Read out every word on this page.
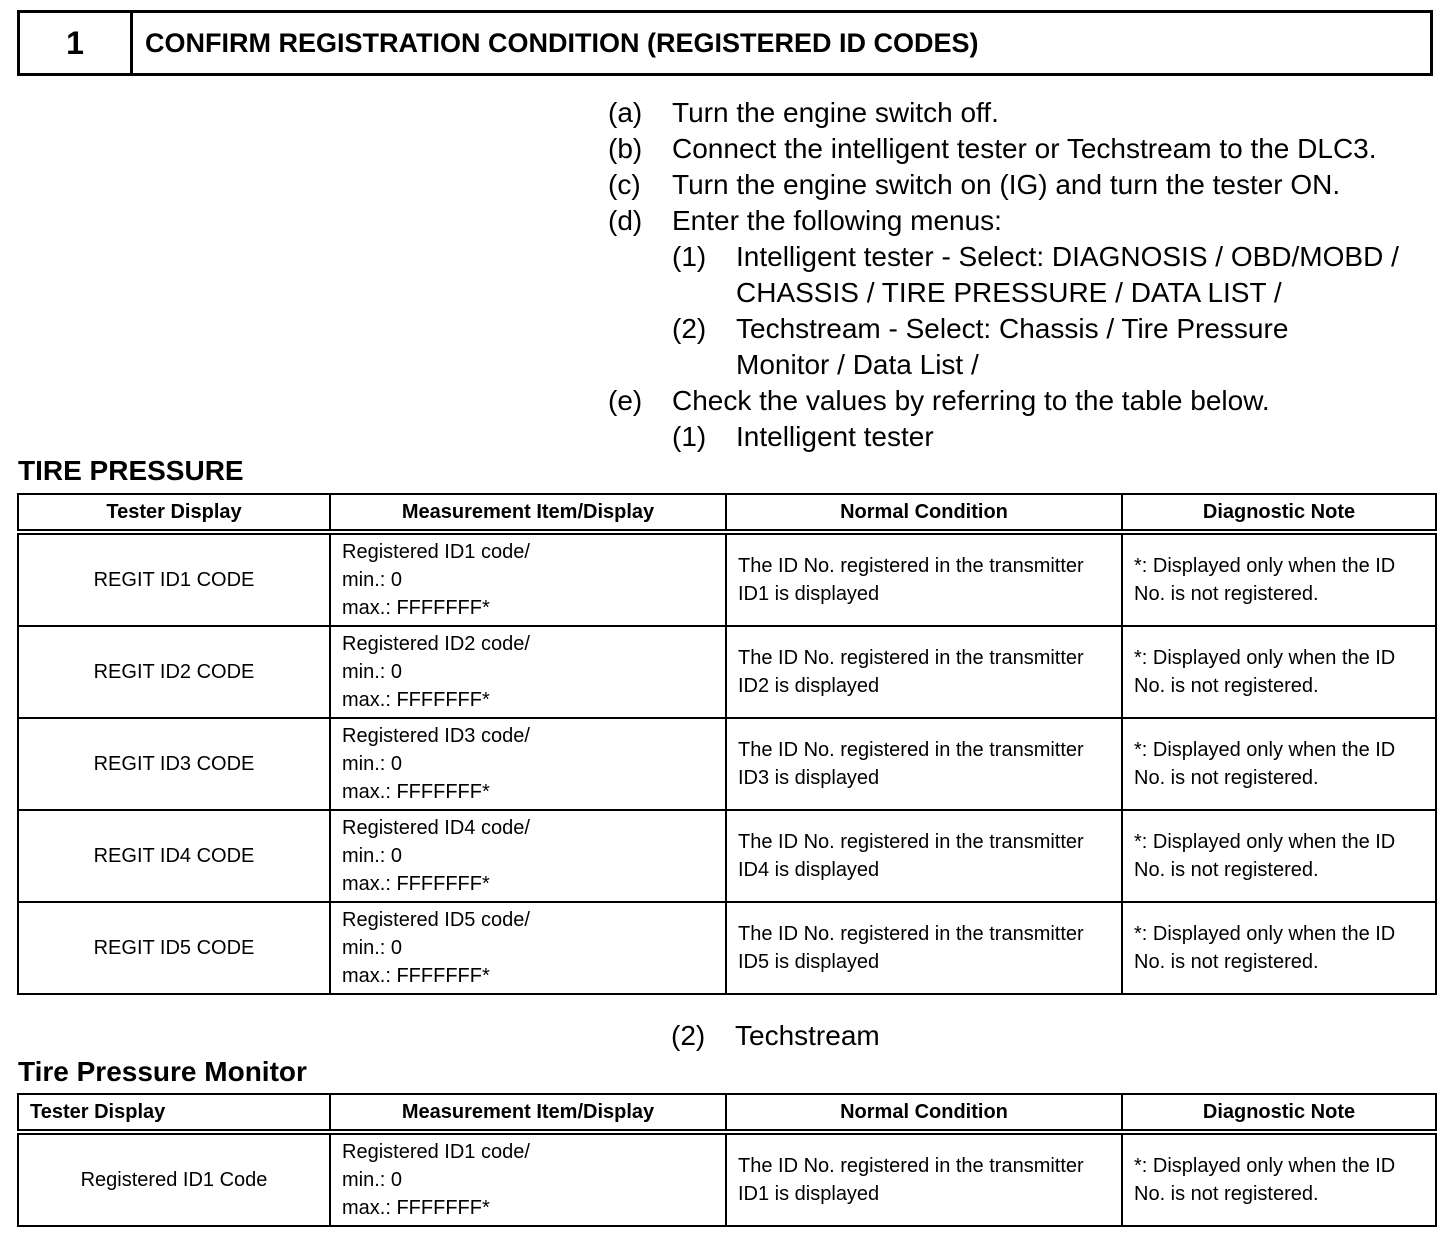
1	CONFIRM REGISTRATION CONDITION (REGISTERED ID CODES)
(a)	Turn the engine switch off.
(b)	Connect the intelligent tester or Techstream to the DLC3.
(c)	Turn the engine switch on (IG) and turn the tester ON.
(d)	Enter the following menus:
(1)	Intelligent tester - Select: DIAGNOSIS / OBD/MOBD / CHASSIS / TIRE PRESSURE / DATA LIST /
(2)	Techstream - Select: Chassis / Tire Pressure Monitor / Data List /
(e)	Check the values by referring to the table below.
(1)	Intelligent tester
TIRE PRESSURE
Tester Display	Measurement Item/Display	Normal Condition	Diagnostic Note
REGIT ID1 CODE	Registered ID1 code/
min.: 0
max.: FFFFFFF*	The ID No. registered in the transmitter ID1 is displayed	*: Displayed only when the ID No. is not registered.
REGIT ID2 CODE	Registered ID2 code/
min.: 0
max.: FFFFFFF*	The ID No. registered in the transmitter ID2 is displayed	*: Displayed only when the ID No. is not registered.
REGIT ID3 CODE	Registered ID3 code/
min.: 0
max.: FFFFFFF*	The ID No. registered in the transmitter ID3 is displayed	*: Displayed only when the ID No. is not registered.
REGIT ID4 CODE	Registered ID4 code/
min.: 0
max.: FFFFFFF*	The ID No. registered in the transmitter ID4 is displayed	*: Displayed only when the ID No. is not registered.
REGIT ID5 CODE	Registered ID5 code/
min.: 0
max.: FFFFFFF*	The ID No. registered in the transmitter ID5 is displayed	*: Displayed only when the ID No. is not registered.
(2)	Techstream
Tire Pressure Monitor
Tester Display	Measurement Item/Display	Normal Condition	Diagnostic Note
Registered ID1 Code	Registered ID1 code/
min.: 0
max.: FFFFFFF*	The ID No. registered in the transmitter ID1 is displayed	*: Displayed only when the ID No. is not registered.
